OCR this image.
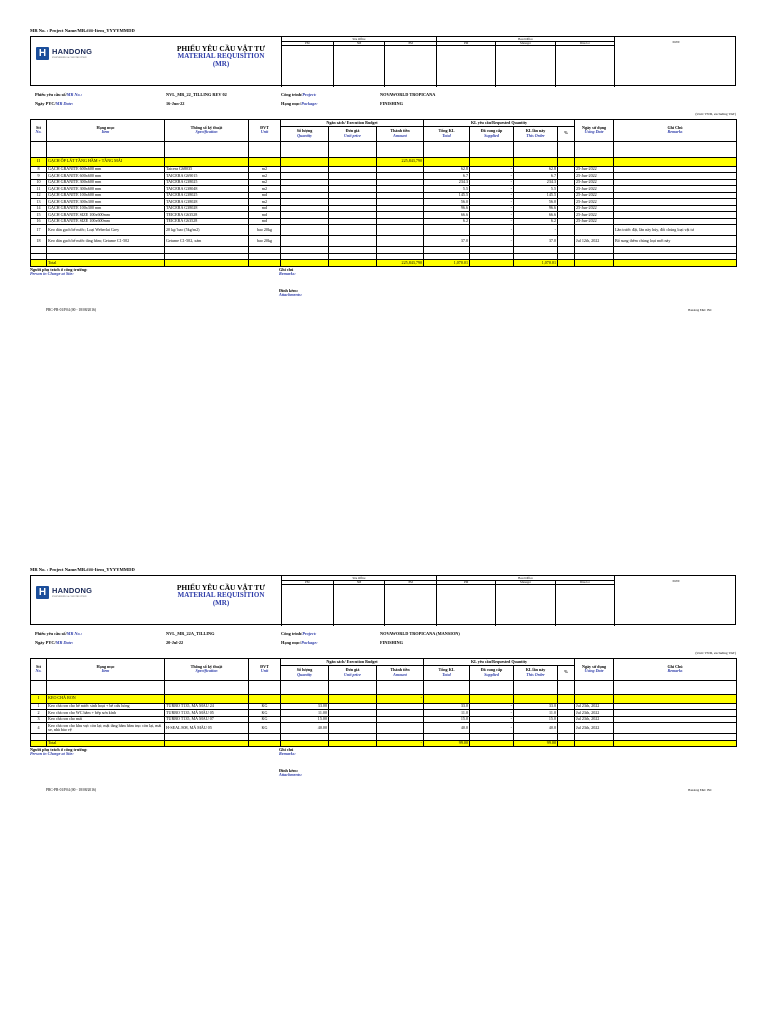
MR No. : Project Name/MR.###-Item_YYYYMMDD
H HANDONG
ENGINEERING & CONSTRUCTION
PHIẾU YÊU CẦU VẬT TƯ
MATERIAL REQUISITION
(MR)
Site Office
PM	SM	PM
Head Office
PM	Manager	Director	00/00
Phiếu yêu cầu số/MR No.:	NVL_MR_22_TILLING REV 02	Công trình/Project:	NOVAWORLD TROPICANA
Ngày PYC/MR Date:	16-Jun-22	Hạng mục/Package:	FINISHING
(Unit: VND, excluding VAT)
Stt
No.	Hạng mục
Item	Thông số kỹ thuật
Specification	ĐVT
Unit	Ngân sách/ Execution Budget			KL yêu cầu/Requested Quantity				Ngày sử dụng
Using Date	Ghi Chú
Remarks

				Số lượng
Quantity	Đơn giá
Unit price	Thành tiền
Amount	Tổng KL
Total	Đã cung cấp
Supplied	KL lần này
This Order	%		

II	GẠCH ỐP LÁT TẦNG HẦM + TẦNG MÁI					225,843,790						
8	GẠCH GRANITE 600x600 mm	Taicera G68035	m2				62.8	-	62.8		25-Jun-2022	
9	GẠCH GRANITE 600x600 mm	TAICERA G69015	m2				6.7	-	6.7		25-Jun-2022	
10	GẠCH GRANITE 300x600 mm	TAICERA G38025	m2				234.3	-	234.3		25-Jun-2022	
11	GẠCH GRANITE 300x600 mm	TAICERA G38048	m2				5.5	-	5.5		25-Jun-2022	
12	GẠCH GRANITE 100x600 mm	TAICERA G38025	md				145.5	-	145.5		25-Jun-2022	
13	GẠCH GRANITE 300x300 mm	TAICERA G38028	m2				56.0	-	56.0		25-Jun-2022	
14	GẠCH GRANITE 100x300 mm	TAICERA G38028	md				96.6	-	96.6		25-Jun-2022	
15	GẠCH GRANITE SIZE 100x600mm	TEICERA G63528	md				66.6	-	66.6		25-Jun-2022	
16	GẠCH GRANITE SIZE 100x600mm	TEICERA G63528	md				6.2	-	6.2		25-Jun-2022	
17	Keo dán gạch bể nước; Loại Weberlai Grey	20 kg/ bao (5kg/m2)	bao 20kg					-	-			Lần trước đặt, lần này hủy, đổi chủng loại vật tư
18	Keo dán gạch bể nước tầng hầm; Getume C1-502	Getume C1-502, xám	bao 20kg				37.0	-	37.0		Jul 12th, 2022	Bổ sung thêm chủng loại mới này

	Total					225,843,790	1,070.01		1,070.01			
Người phụ trách ở công trường:
Person in Charge at Site:
Ghi chú
Remarks:
Đính kèm:
Attachments:
PRC-PR-01/F04 (00 - 18/08/2016)	Handong E&C INC
MR No. : Project Name/MR.###-Item_YYYYMMDD
H HANDONG
ENGINEERING & CONSTRUCTION
PHIẾU YÊU CẦU VẬT TƯ
MATERIAL REQUISITION
(MR)
Site Office
PM	SM	PM
Head Office
PM	Manager	Director	00/00
Phiếu yêu cầu số/MR No.:	NVL_MR_22A_TILLING	Công trình/Project:	NOVAWORLD TROPICANA (MANSION)
Ngày PYC/MR Date:	20-Jul-22	Hạng mục/Package:	FINISHING
(Unit: VND, excluding VAT)
Stt
No.	Hạng mục
Item	Thông số kỹ thuật
Specification	ĐVT
Unit	Ngân sách/ Execution Budget			KL yêu cầu/Requested Quantity				Ngày sử dụng
Using Date	Ghi Chú
Remarks

				Số lượng
Quantity	Đơn giá
Unit price	Thành tiền
Amount	Tổng KL
Total	Đã cung cấp
Supplied	KL lần này
This Order	%		

I	KEO CHÀ RON					-						
1	Keo chà ron cho bể nước sinh hoạt + bể cứu hỏng	TURBO T135, MÃ MÀU 24	KG	33.00			33.0	-	33.0		Jul 23th, 2022	
2	Keo chà ron cho WC bãm + bếp sơn kính	TURBO T135, MÃ MÀU 05	KG	11.00			11.0	-	11.0		Jul 23th, 2022	
3	Keo chà ron cho mái	TURBO T135, MÃ MÀU 07	KG	15.00			15.0	-	15.0		Jul 23th, 2022	
4	Keo chà ron cho khu vực còn lại; mặt tầng hầm hầm trục còn lại, mái xe, nhà bảo vệ	H-SEAL 808, MÃ MÀU 05	KG	40.00			40.0	-	40.0		Jul 23th, 2022	

	Total					-	99.00		99.00			
Người phụ trách ở công trường:
Person in Charge at Site:
Ghi chú
Remarks:
Đính kèm:
Attachments:
PRC-PR-01/F04 (00 - 18/08/2016)	Handong E&C INC
